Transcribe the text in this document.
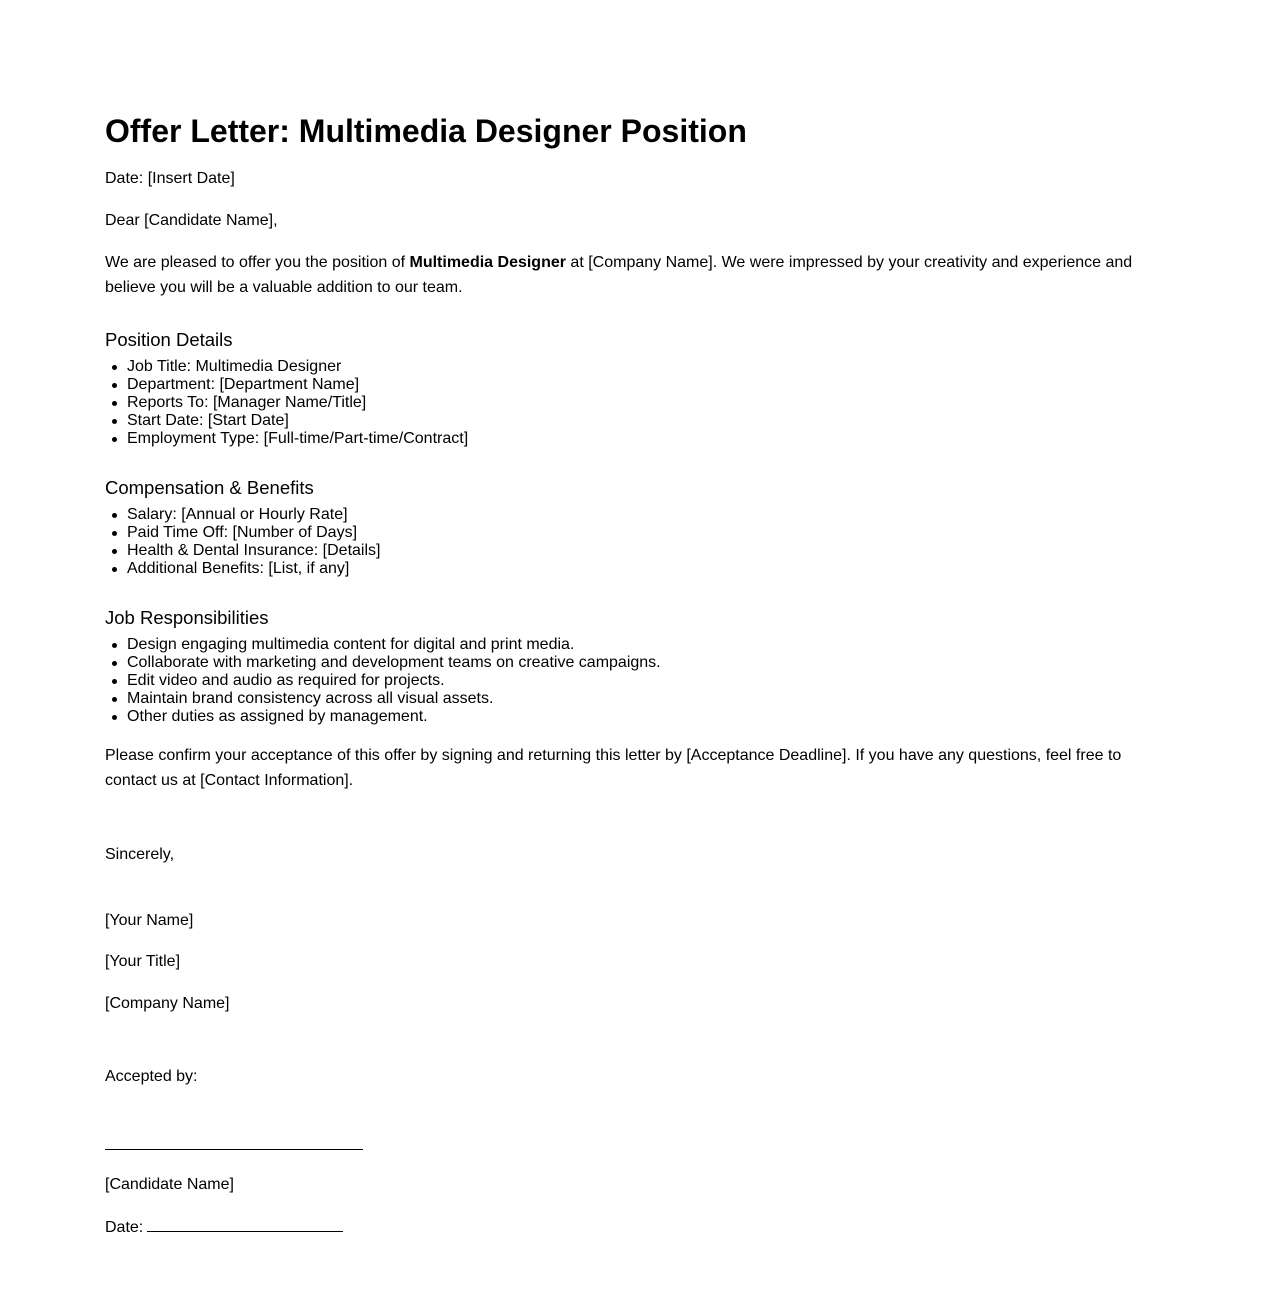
Offer Letter: Multimedia Designer Position
Date: [Insert Date]
Dear [Candidate Name],
We are pleased to offer you the position of Multimedia Designer at [Company Name]. We were impressed by your creativity and experience and believe you will be a valuable addition to our team.
Position Details
Job Title: Multimedia Designer
Department: [Department Name]
Reports To: [Manager Name/Title]
Start Date: [Start Date]
Employment Type: [Full-time/Part-time/Contract]
Compensation & Benefits
Salary: [Annual or Hourly Rate]
Paid Time Off: [Number of Days]
Health & Dental Insurance: [Details]
Additional Benefits: [List, if any]
Job Responsibilities
Design engaging multimedia content for digital and print media.
Collaborate with marketing and development teams on creative campaigns.
Edit video and audio as required for projects.
Maintain brand consistency across all visual assets.
Other duties as assigned by management.
Please confirm your acceptance of this offer by signing and returning this letter by [Acceptance Deadline]. If you have any questions, feel free to contact us at [Contact Information].
Sincerely,
[Your Name]
[Your Title]
[Company Name]
Accepted by:
[Candidate Name]
Date:
